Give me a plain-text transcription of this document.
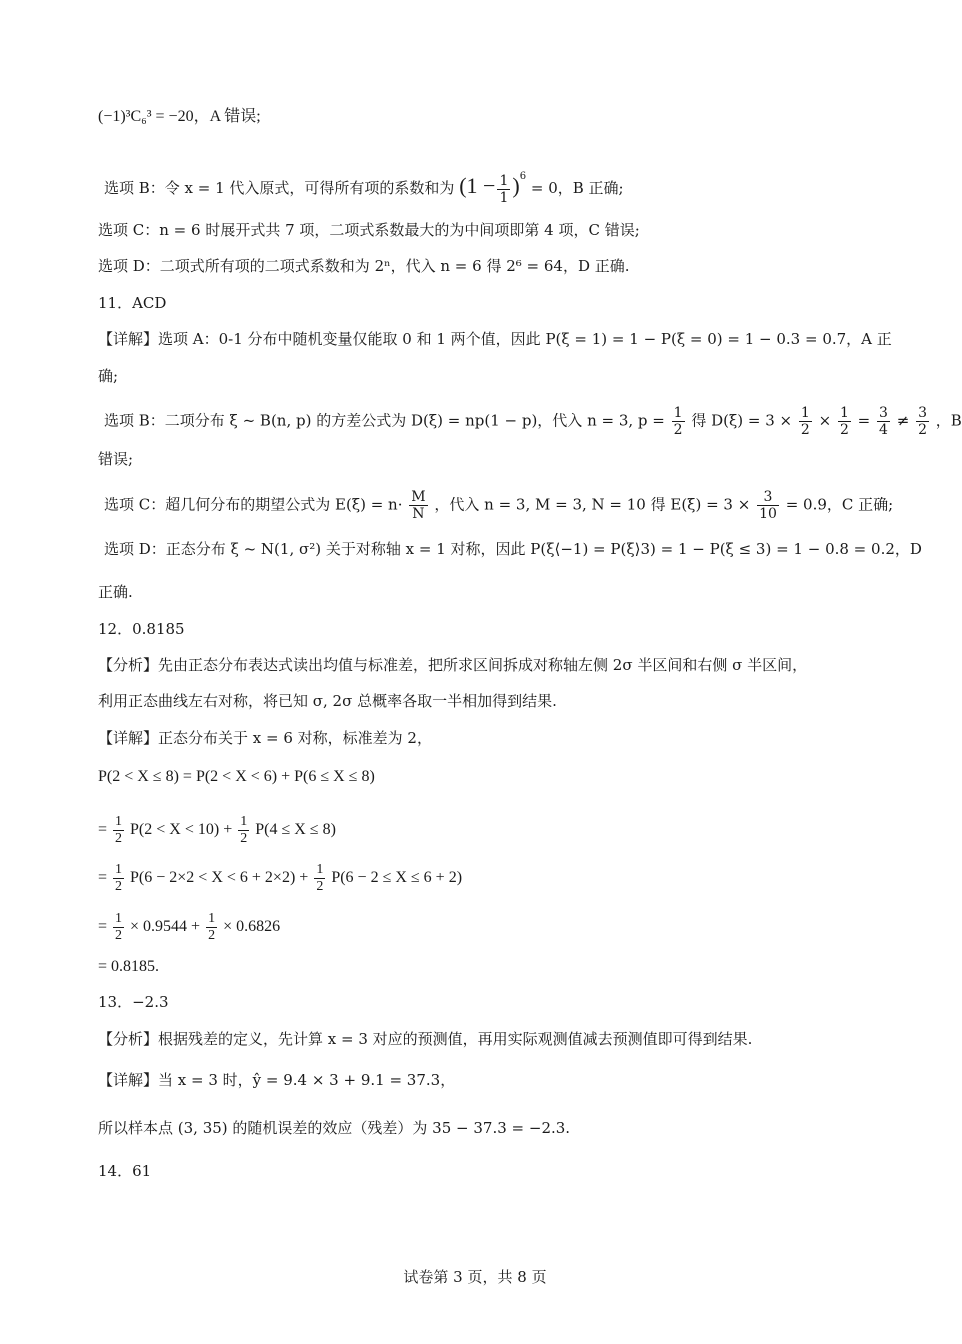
(−1)³C₆³ = −20，A 错误;
选项 B：令 x = 1 代入原式，可得所有项的系数和为 $(1 - \frac{1}{1} )^6 = 0$，B 正确;
选项 C：n = 6 时展开式共 7 项，二项式系数最大的为中间项即第 4 项，C 错误;
选项 D：二项式所有项的二项式系数和为 2ⁿ，代入 n = 6 得 2⁶ = 64，D 正确.
11．ACD
【详解】选项 A：0-1 分布中随机变量仅能取 0 和 1 两个值，因此 P(ξ = 1) = 1 − P(ξ = 0) = 1 − 0.3 = 0.7，A 正
确;
选项 B：二项分布 ξ ~ B(n, p) 的方差公式为 D(ξ) = np(1 − p)，代入 n = 3, $p = \frac{1}{2}$ 得 $D(\xi) = 3 \times \frac{1}{2} \times \frac{1}{2} = \frac{3}{4} \ne \frac{3}{2}$ ，B
错误;
选项 C：超几何分布的期望公式为 $E(\xi) = n\cdot \frac{M}{N}$ ，代入 n = 3, M = 3, N = 10 得 $E(\xi) = 3 \times \frac{3}{10} = 0.9$，C 正确;
选项 D：正态分布 ξ ~ N(1, σ²) 关于对称轴 x = 1 对称，因此 P(ξ⟨−1) = P(ξ⟩3) = 1 − P(ξ ≤ 3) = 1 − 0.8 = 0.2，D
正确.
12．0.8185
【分析】先由正态分布表达式读出均值与标准差，把所求区间拆成对称轴左侧 2σ 半区间和右侧 σ 半区间，
利用正态曲线左右对称，将已知 σ, 2σ 总概率各取一半相加得到结果.
【详解】正态分布关于 x = 6 对称，标准差为 2，
P(2 < X ≤ 8) = P(2 < X < 6) + P(6 ≤ X ≤ 8)
= $\frac{1}{2} P(2 < X < 10) + \frac{1}{2} P(4 \le X \le 8)$
= $\frac{1}{2} P(6 - 2\times 2 < X < 6 + 2\times 2) + \frac{1}{2} P(6 - 2 \le X \le 6 + 2)$
= $\frac{1}{2} \times 0.9544 + \frac{1}{2} \times 0.6826$
= 0.8185.
13．−2.3
【分析】根据残差的定义，先计算 x = 3 对应的预测值，再用实际观测值减去预测值即可得到结果.
【详解】当 x = 3 时，ŷ = 9.4 × 3 + 9.1 = 37.3，
所以样本点 (3, 35) 的随机误差的效应（残差）为 35 − 37.3 = −2.3.
14．61
试卷第 3 页，共 8 页
